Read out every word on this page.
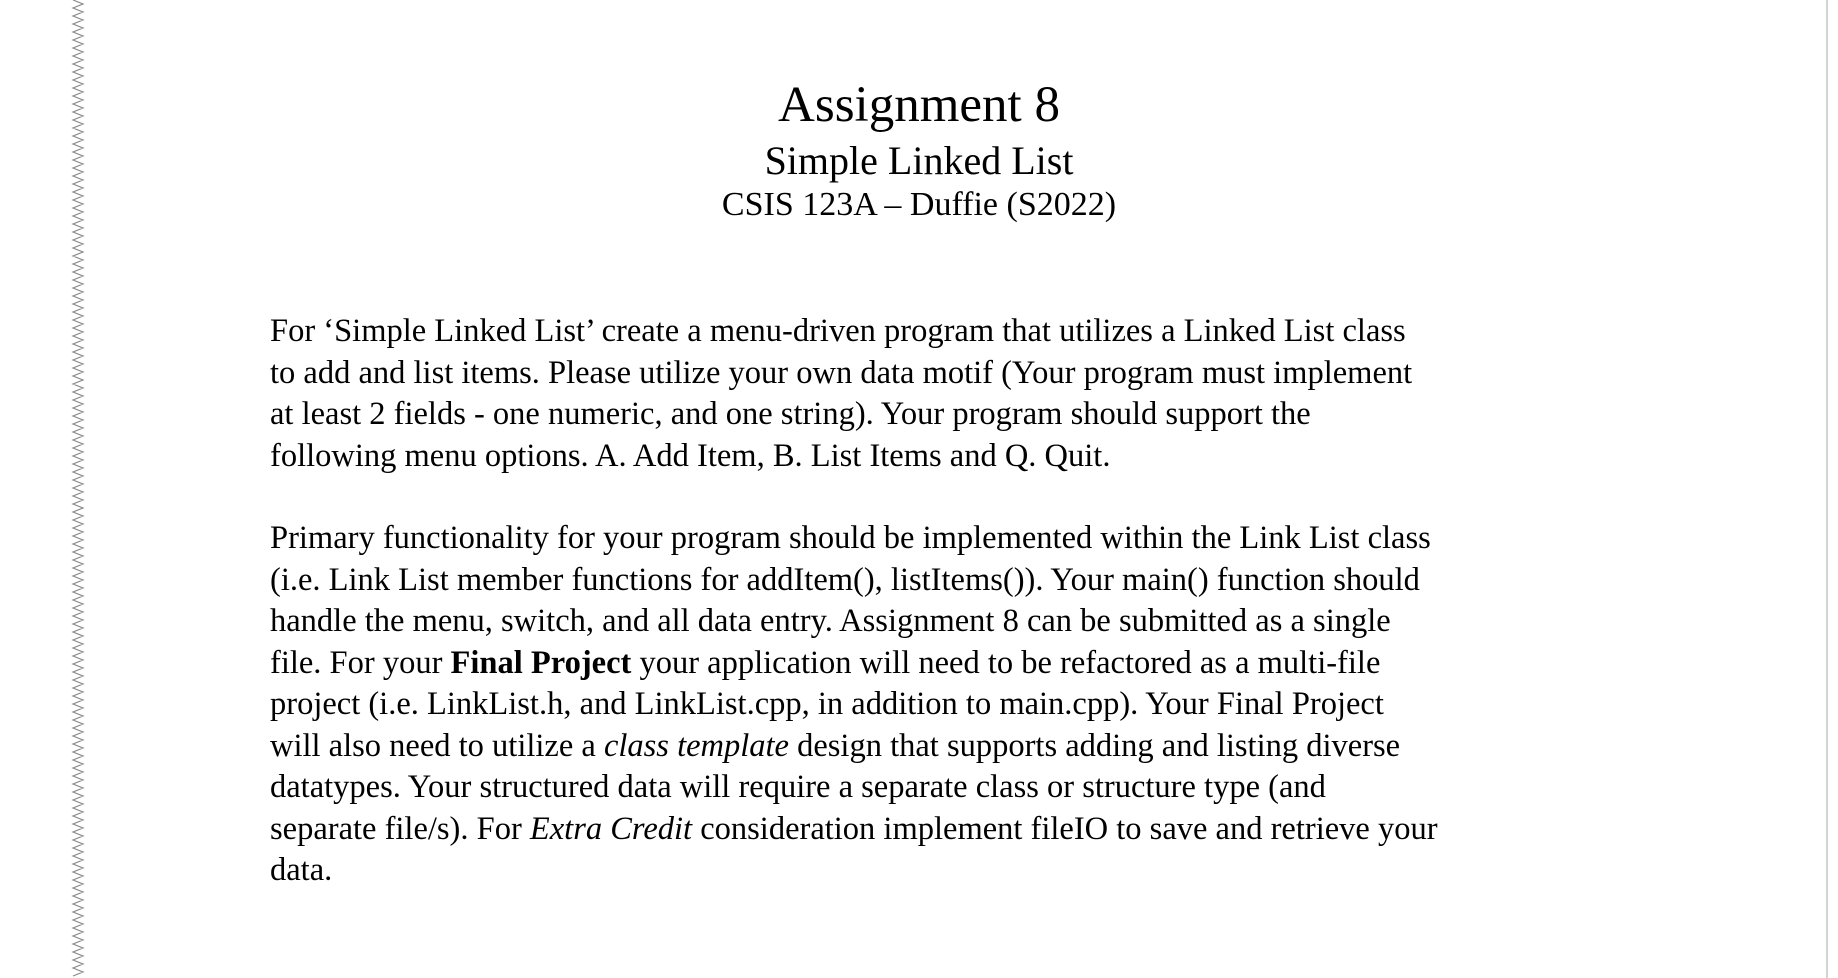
Assignment 8
Simple Linked List
CSIS 123A – Duffie (S2022)

For ‘Simple Linked List’ create a menu-driven program that utilizes a Linked List class
to add and list items. Please utilize your own data motif (Your program must implement
at least 2 fields - one numeric, and one string). Your program should support the
following menu options. A. Add Item, B. List Items and Q. Quit.

Primary functionality for your program should be implemented within the Link List class
(i.e. Link List member functions for addItem(), listItems()). Your main() function should
handle the menu, switch, and all data entry. Assignment 8 can be submitted as a single
file. For your Final Project your application will need to be refactored as a multi-file
project (i.e. LinkList.h, and LinkList.cpp, in addition to main.cpp). Your Final Project
will also need to utilize a class template design that supports adding and listing diverse
datatypes. Your structured data will require a separate class or structure type (and
separate file/s). For Extra Credit consideration implement fileIO to save and retrieve your
data.
